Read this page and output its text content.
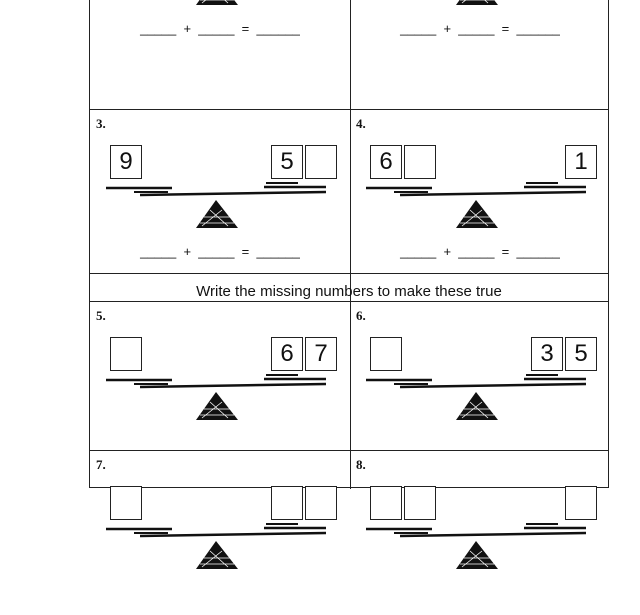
Write the missing numbers to make these true
_____  +  _____  =  ______	_____  +  _____  =  ______
3.
9	5
_____  +  _____  =  ______
4.
6	1
_____  +  _____  =  ______
5.
6 7
6.
3 5
7.	8.
